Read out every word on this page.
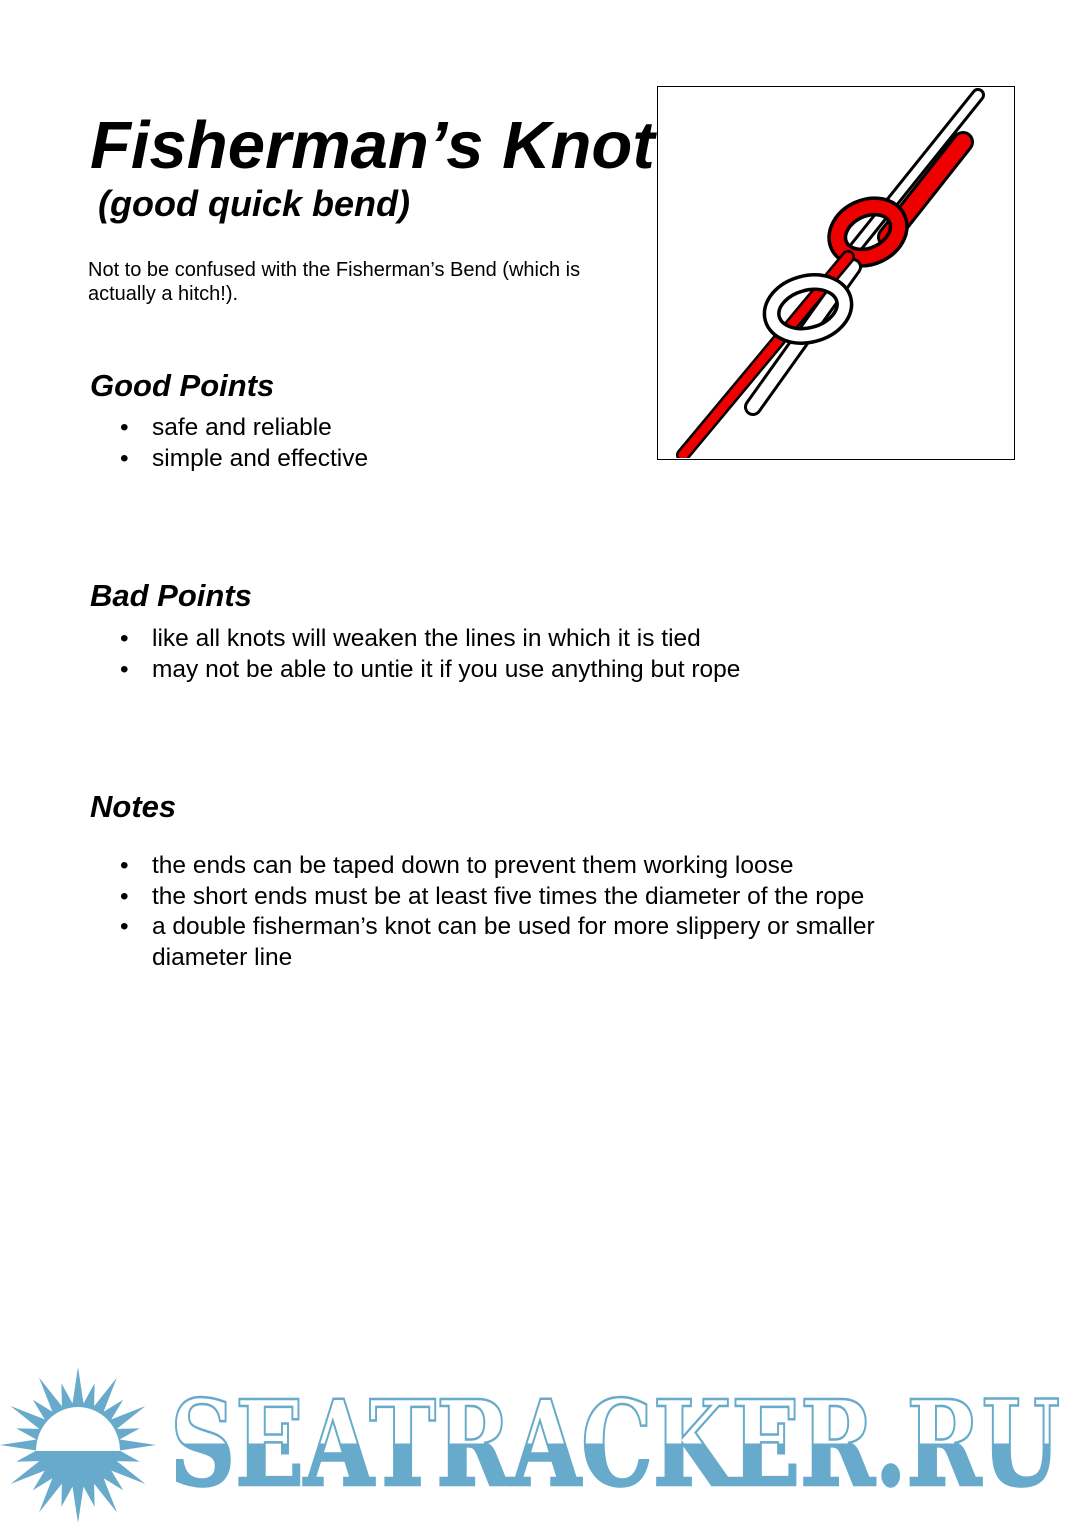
Fisherman’s Knot
(good quick bend)
Not to be confused with the Fisherman’s Bend (which is actually a hitch!).
Good Points
• safe and reliable
• simple and effective
Bad Points
• like all knots will weaken the lines in which it is tied
• may not be able to untie it if you use anything but rope
Notes
• the ends can be taped down to prevent them working loose
• the short ends must be at least five times the diameter of the rope
• a double fisherman’s knot can be used for more slippery or smaller diameter line
SEATRACKER.RU
